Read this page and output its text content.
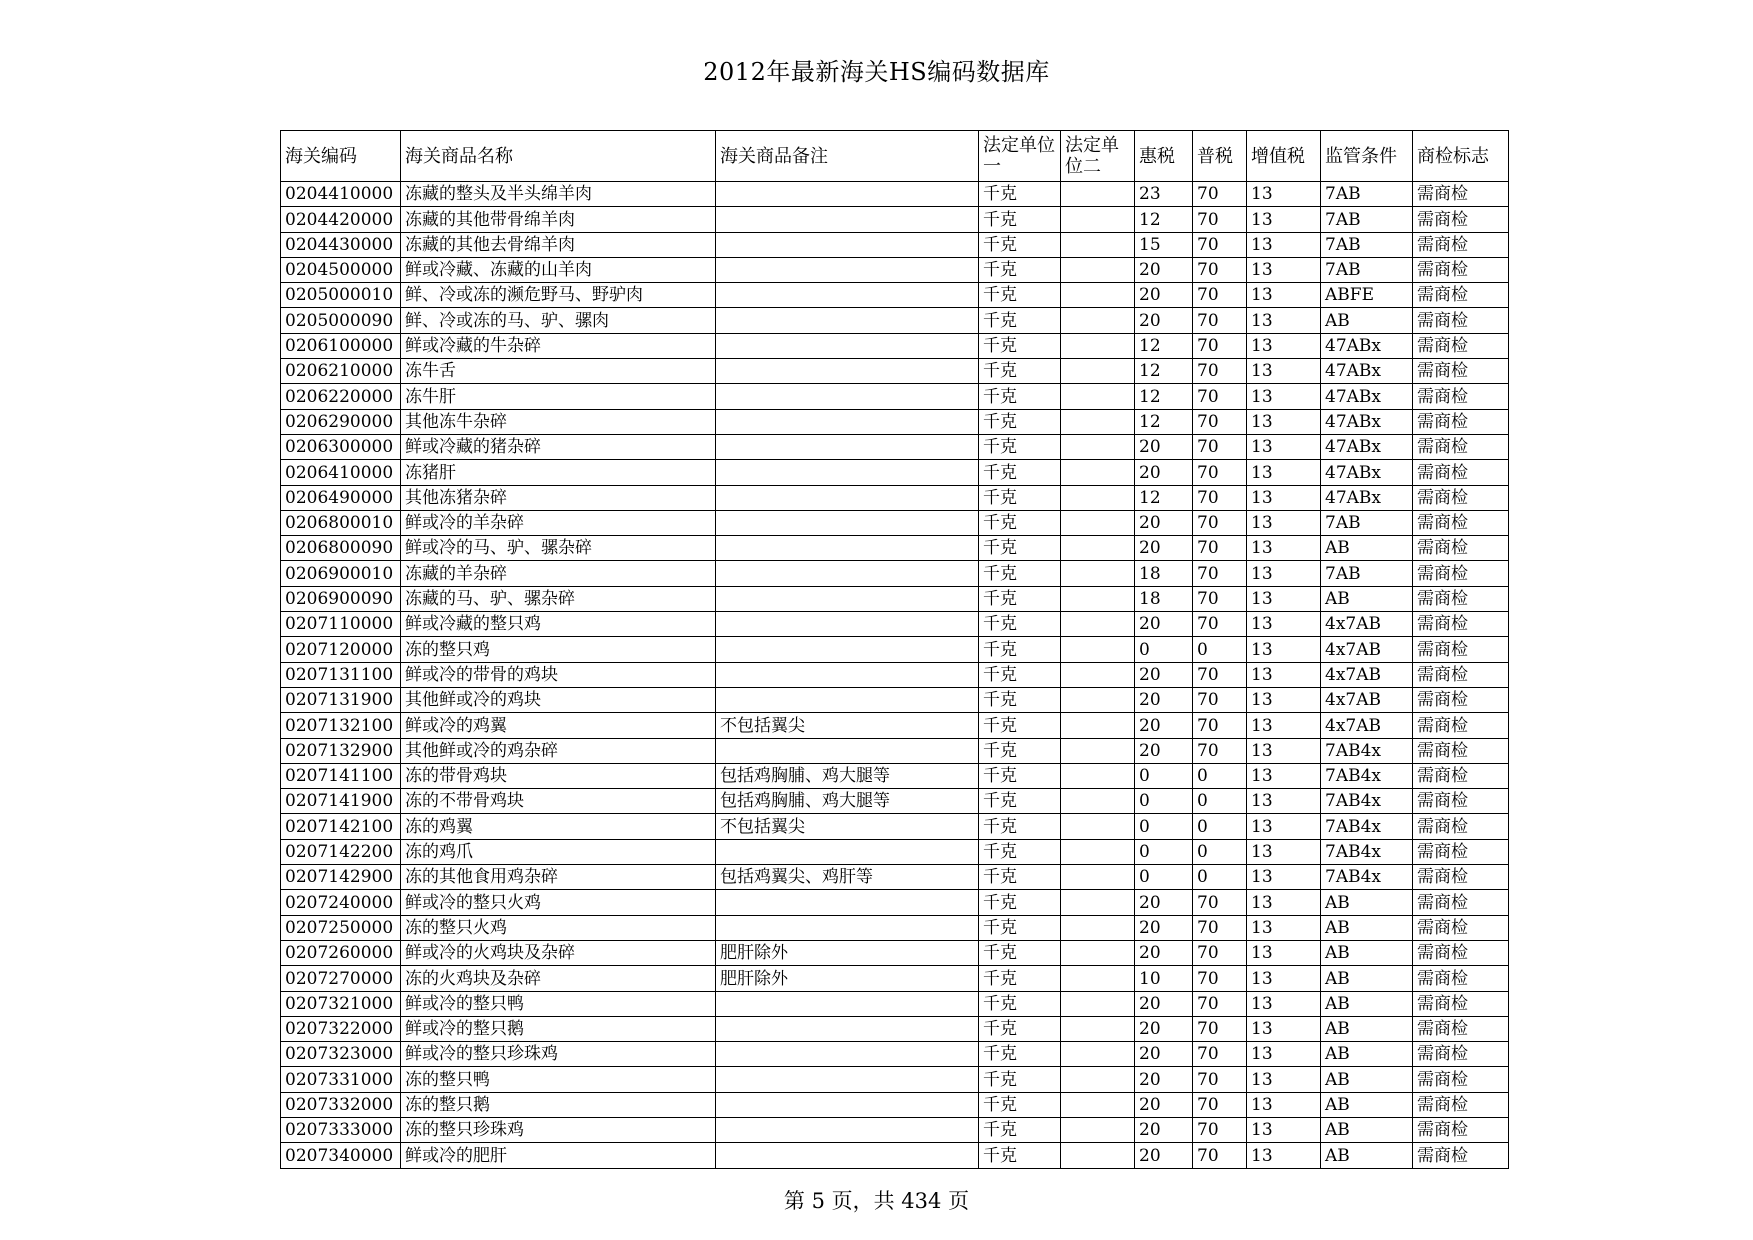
2012年最新海关HS编码数据库
海关编码	海关商品名称	海关商品备注	法定单位一	法定单位二	惠税	普税	增值税	监管条件	商检标志
0204410000	冻藏的整头及半头绵羊肉		千克		23	70	13	7AB	需商检
0204420000	冻藏的其他带骨绵羊肉		千克		12	70	13	7AB	需商检
0204430000	冻藏的其他去骨绵羊肉		千克		15	70	13	7AB	需商检
0204500000	鲜或冷藏、冻藏的山羊肉		千克		20	70	13	7AB	需商检
0205000010	鲜、冷或冻的濒危野马、野驴肉		千克		20	70	13	ABFE	需商检
0205000090	鲜、冷或冻的马、驴、骡肉		千克		20	70	13	AB	需商检
0206100000	鲜或冷藏的牛杂碎		千克		12	70	13	47ABx	需商检
0206210000	冻牛舌		千克		12	70	13	47ABx	需商检
0206220000	冻牛肝		千克		12	70	13	47ABx	需商检
0206290000	其他冻牛杂碎		千克		12	70	13	47ABx	需商检
0206300000	鲜或冷藏的猪杂碎		千克		20	70	13	47ABx	需商检
0206410000	冻猪肝		千克		20	70	13	47ABx	需商检
0206490000	其他冻猪杂碎		千克		12	70	13	47ABx	需商检
0206800010	鲜或冷的羊杂碎		千克		20	70	13	7AB	需商检
0206800090	鲜或冷的马、驴、骡杂碎		千克		20	70	13	AB	需商检
0206900010	冻藏的羊杂碎		千克		18	70	13	7AB	需商检
0206900090	冻藏的马、驴、骡杂碎		千克		18	70	13	AB	需商检
0207110000	鲜或冷藏的整只鸡		千克		20	70	13	4x7AB	需商检
0207120000	冻的整只鸡		千克		0	0	13	4x7AB	需商检
0207131100	鲜或冷的带骨的鸡块		千克		20	70	13	4x7AB	需商检
0207131900	其他鲜或冷的鸡块		千克		20	70	13	4x7AB	需商检
0207132100	鲜或冷的鸡翼	不包括翼尖	千克		20	70	13	4x7AB	需商检
0207132900	其他鲜或冷的鸡杂碎		千克		20	70	13	7AB4x	需商检
0207141100	冻的带骨鸡块	包括鸡胸脯、鸡大腿等	千克		0	0	13	7AB4x	需商检
0207141900	冻的不带骨鸡块	包括鸡胸脯、鸡大腿等	千克		0	0	13	7AB4x	需商检
0207142100	冻的鸡翼	不包括翼尖	千克		0	0	13	7AB4x	需商检
0207142200	冻的鸡爪		千克		0	0	13	7AB4x	需商检
0207142900	冻的其他食用鸡杂碎	包括鸡翼尖、鸡肝等	千克		0	0	13	7AB4x	需商检
0207240000	鲜或冷的整只火鸡		千克		20	70	13	AB	需商检
0207250000	冻的整只火鸡		千克		20	70	13	AB	需商检
0207260000	鲜或冷的火鸡块及杂碎	肥肝除外	千克		20	70	13	AB	需商检
0207270000	冻的火鸡块及杂碎	肥肝除外	千克		10	70	13	AB	需商检
0207321000	鲜或冷的整只鸭		千克		20	70	13	AB	需商检
0207322000	鲜或冷的整只鹅		千克		20	70	13	AB	需商检
0207323000	鲜或冷的整只珍珠鸡		千克		20	70	13	AB	需商检
0207331000	冻的整只鸭		千克		20	70	13	AB	需商检
0207332000	冻的整只鹅		千克		20	70	13	AB	需商检
0207333000	冻的整只珍珠鸡		千克		20	70	13	AB	需商检
0207340000	鲜或冷的肥肝		千克		20	70	13	AB	需商检
第 5 页，共 434 页
